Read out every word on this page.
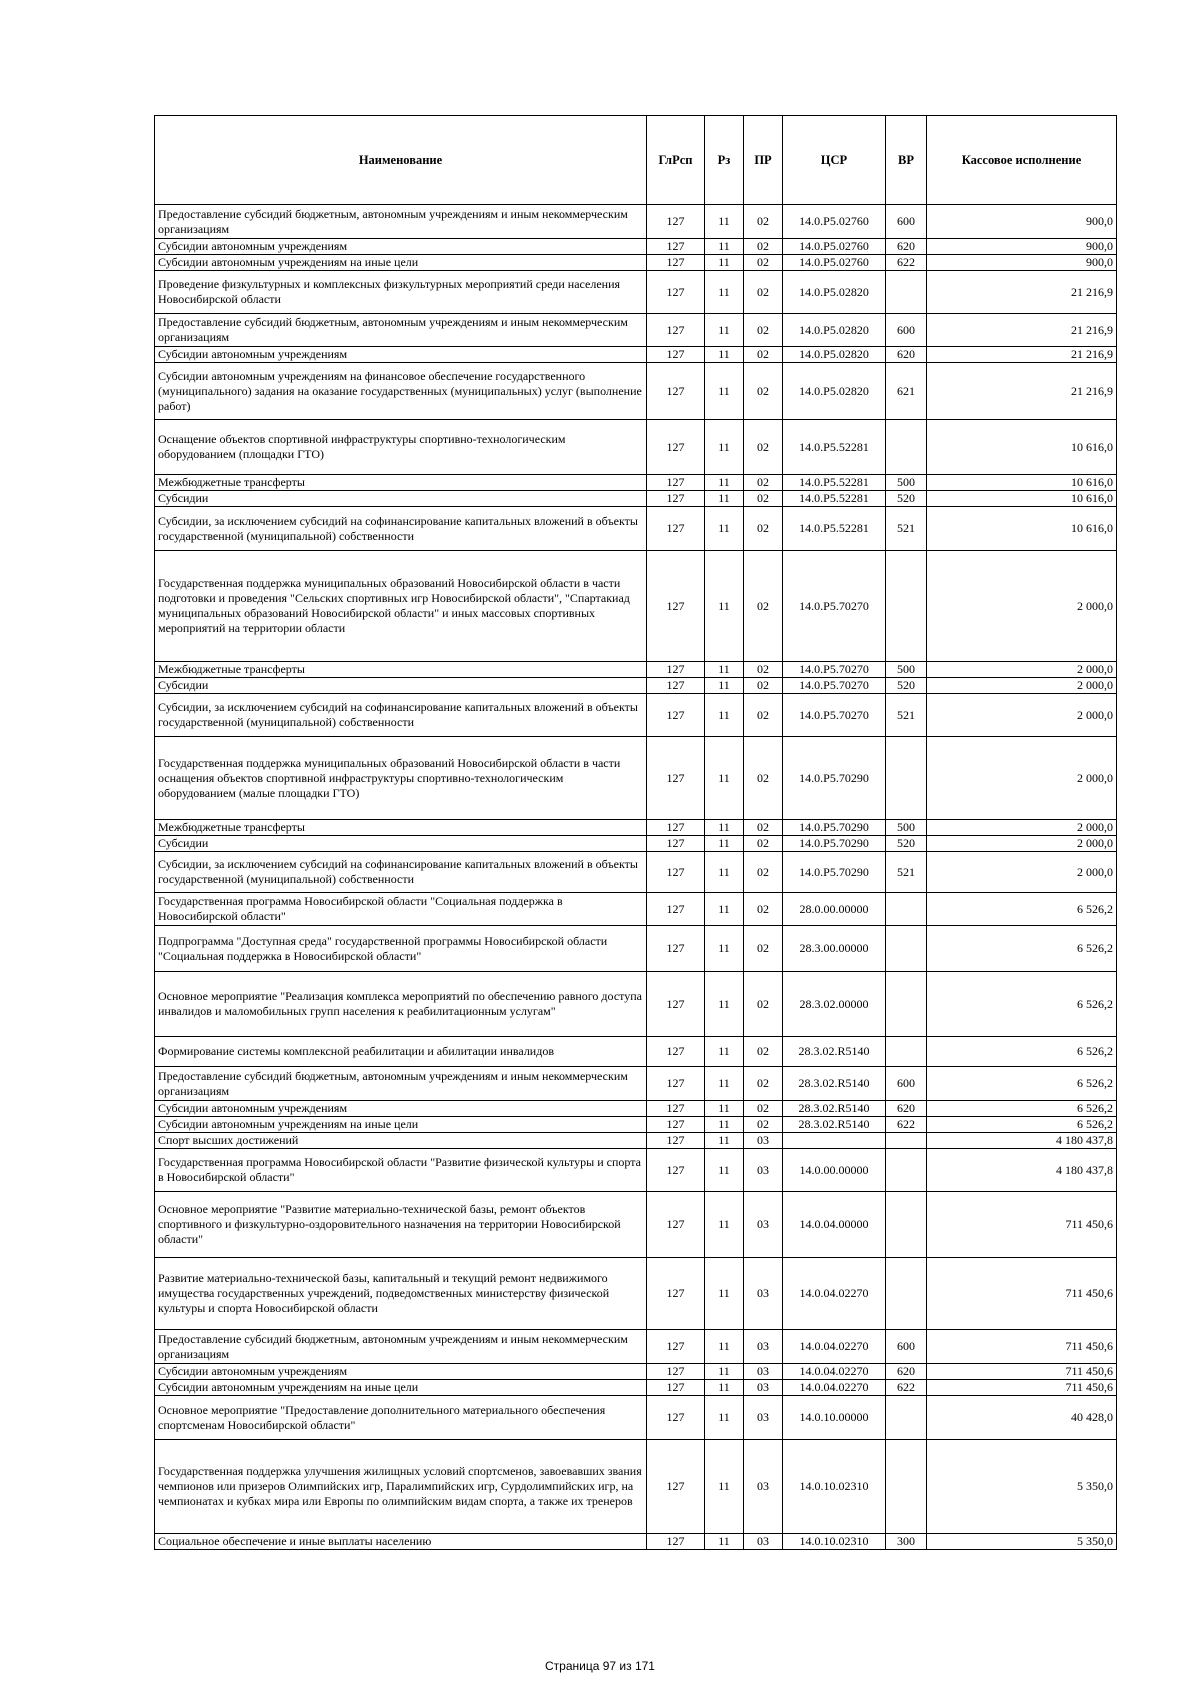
Наименование	ГлРсп	Рз	ПР	ЦСР	ВР	Кассовое исполнение
Предоставление субсидий бюджетным, автономным учреждениям и иным некоммерческим организациям	127	11	02	14.0.P5.02760	600	900,0
Субсидии автономным учреждениям	127	11	02	14.0.P5.02760	620	900,0
Субсидии автономным учреждениям на иные цели	127	11	02	14.0.P5.02760	622	900,0
Проведение физкультурных и комплексных физкультурных мероприятий среди населения Новосибирской области	127	11	02	14.0.P5.02820		21 216,9
Предоставление субсидий бюджетным, автономным учреждениям и иным некоммерческим организациям	127	11	02	14.0.P5.02820	600	21 216,9
Субсидии автономным учреждениям	127	11	02	14.0.P5.02820	620	21 216,9
Субсидии автономным учреждениям на финансовое обеспечение государственного (муниципального) задания на оказание государственных (муниципальных) услуг (выполнение работ)	127	11	02	14.0.P5.02820	621	21 216,9
Оснащение объектов спортивной инфраструктуры спортивно-технологическим оборудованием (площадки ГТО)	127	11	02	14.0.P5.52281		10 616,0
Межбюджетные трансферты	127	11	02	14.0.P5.52281	500	10 616,0
Субсидии	127	11	02	14.0.P5.52281	520	10 616,0
Субсидии, за исключением субсидий на софинансирование капитальных вложений в объекты государственной (муниципальной) собственности	127	11	02	14.0.P5.52281	521	10 616,0
Государственная поддержка муниципальных образований Новосибирской области в части подготовки и проведения "Сельских спортивных игр Новосибирской области", "Спартакиад муниципальных образований Новосибирской области" и иных массовых спортивных мероприятий на территории области	127	11	02	14.0.P5.70270		2 000,0
Межбюджетные трансферты	127	11	02	14.0.P5.70270	500	2 000,0
Субсидии	127	11	02	14.0.P5.70270	520	2 000,0
Субсидии, за исключением субсидий на софинансирование капитальных вложений в объекты государственной (муниципальной) собственности	127	11	02	14.0.P5.70270	521	2 000,0
Государственная поддержка муниципальных образований Новосибирской области в части оснащения объектов спортивной инфраструктуры спортивно-технологическим оборудованием (малые площадки ГТО)	127	11	02	14.0.P5.70290		2 000,0
Межбюджетные трансферты	127	11	02	14.0.P5.70290	500	2 000,0
Субсидии	127	11	02	14.0.P5.70290	520	2 000,0
Субсидии, за исключением субсидий на софинансирование капитальных вложений в объекты государственной (муниципальной) собственности	127	11	02	14.0.P5.70290	521	2 000,0
Государственная программа Новосибирской области "Социальная поддержка в Новосибирской области"	127	11	02	28.0.00.00000		6 526,2
Подпрограмма "Доступная среда" государственной программы Новосибирской области "Социальная поддержка в Новосибирской области"	127	11	02	28.3.00.00000		6 526,2
Основное мероприятие "Реализация комплекса мероприятий по обеспечению равного доступа инвалидов и маломобильных групп населения к реабилитационным услугам"	127	11	02	28.3.02.00000		6 526,2
Формирование системы комплексной реабилитации и абилитации инвалидов	127	11	02	28.3.02.R5140		6 526,2
Предоставление субсидий бюджетным, автономным учреждениям и иным некоммерческим организациям	127	11	02	28.3.02.R5140	600	6 526,2
Субсидии автономным учреждениям	127	11	02	28.3.02.R5140	620	6 526,2
Субсидии автономным учреждениям на иные цели	127	11	02	28.3.02.R5140	622	6 526,2
Спорт высших достижений	127	11	03			4 180 437,8
Государственная программа Новосибирской области "Развитие физической культуры и спорта в Новосибирской области"	127	11	03	14.0.00.00000		4 180 437,8
Основное мероприятие "Развитие материально-технической базы, ремонт объектов спортивного и физкультурно-оздоровительного назначения на территории Новосибирской области"	127	11	03	14.0.04.00000		711 450,6
Развитие материально-технической базы, капитальный и текущий ремонт недвижимого имущества государственных учреждений, подведомственных министерству физической культуры и спорта Новосибирской области	127	11	03	14.0.04.02270		711 450,6
Предоставление субсидий бюджетным, автономным учреждениям и иным некоммерческим организациям	127	11	03	14.0.04.02270	600	711 450,6
Субсидии автономным учреждениям	127	11	03	14.0.04.02270	620	711 450,6
Субсидии автономным учреждениям на иные цели	127	11	03	14.0.04.02270	622	711 450,6
Основное мероприятие "Предоставление дополнительного материального обеспечения спортсменам Новосибирской области"	127	11	03	14.0.10.00000		40 428,0
Государственная поддержка улучшения жилищных условий спортсменов, завоевавших звания чемпионов или призеров Олимпийских игр, Паралимпийских игр, Сурдолимпийских игр, на чемпионатах и кубках мира или Европы по олимпийским видам спорта, а также их тренеров	127	11	03	14.0.10.02310		5 350,0
Социальное обеспечение и иные выплаты населению	127	11	03	14.0.10.02310	300	5 350,0
Страница 97 из 171
